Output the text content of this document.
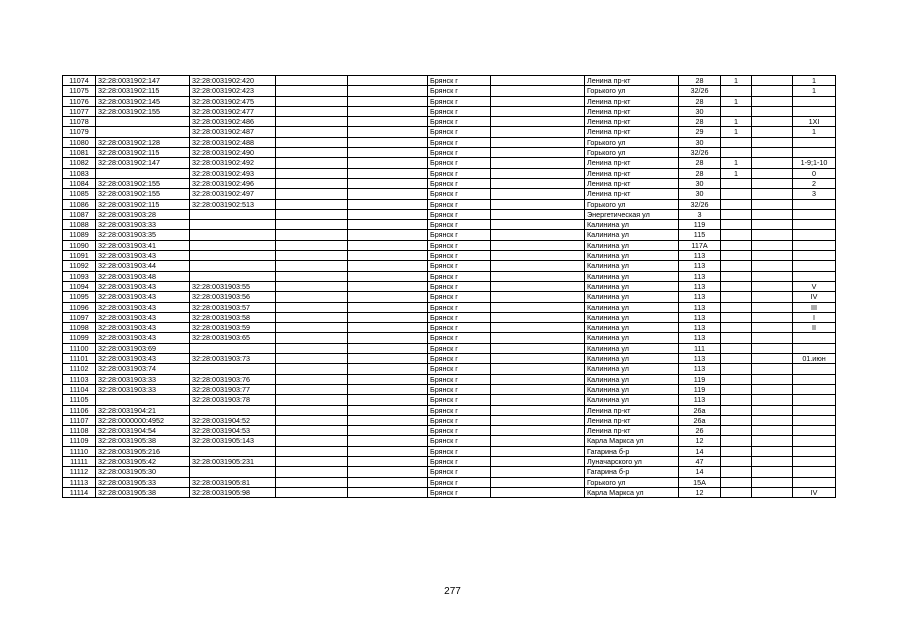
11074	32:28:0031902:147	32:28:0031902:420			Брянск г		Ленина пр-кт	28	1		1
11075	32:28:0031902:115	32:28:0031902:423			Брянск г		Горького ул	32/26			1
11076	32:28:0031902:145	32:28:0031902:475			Брянск г		Ленина пр-кт	28	1		
11077	32:28:0031902:155	32:28:0031902:477			Брянск г		Ленина пр-кт	30			
11078		32:28:0031902:486			Брянск г		Ленина пр-кт	28	1		1XI
11079		32:28:0031902:487			Брянск г		Ленина пр-кт	29	1		1
11080	32:28:0031902:128	32:28:0031902:488			Брянск г		Горького ул	30			
11081	32:28:0031902:115	32:28:0031902:490			Брянск г		Горького ул	32/26			
11082	32:28:0031902:147	32:28:0031902:492			Брянск г		Ленина пр-кт	28	1		1-9;1-10
11083		32:28:0031902:493			Брянск г		Ленина пр-кт	28	1		0
11084	32:28:0031902:155	32:28:0031902:496			Брянск г		Ленина пр-кт	30			2
11085	32:28:0031902:155	32:28:0031902:497			Брянск г		Ленина пр-кт	30			3
11086	32:28:0031902:115	32:28:0031902:513			Брянск г		Горького ул	32/26			
11087	32:28:0031903:28				Брянск г		Энергетическая ул	3			
11088	32:28:0031903:33				Брянск г		Калинина ул	119			
11089	32:28:0031903:35				Брянск г		Калинина ул	115			
11090	32:28:0031903:41				Брянск г		Калинина ул	117А			
11091	32:28:0031903:43				Брянск г		Калинина ул	113			
11092	32:28:0031903:44				Брянск г		Калинина ул	113			
11093	32:28:0031903:48				Брянск г		Калинина ул	113			
11094	32:28:0031903:43	32:28:0031903:55			Брянск г		Калинина ул	113			V
11095	32:28:0031903:43	32:28:0031903:56			Брянск г		Калинина ул	113			IV
11096	32:28:0031903:43	32:28:0031903:57			Брянск г		Калинина ул	113			III
11097	32:28:0031903:43	32:28:0031903:58			Брянск г		Калинина ул	113			I
11098	32:28:0031903:43	32:28:0031903:59			Брянск г		Калинина ул	113			II
11099	32:28:0031903:43	32:28:0031903:65			Брянск г		Калинина ул	113			
11100	32:28:0031903:69				Брянск г		Калинина ул	111			
11101	32:28:0031903:43	32:28:0031903:73			Брянск г		Калинина ул	113			01.июн
11102	32:28:0031903:74				Брянск г		Калинина ул	113			
11103	32:28:0031903:33	32:28:0031903:76			Брянск г		Калинина ул	119			
11104	32:28:0031903:33	32:28:0031903:77			Брянск г		Калинина ул	119			
11105		32:28:0031903:78			Брянск г		Калинина ул	113			
11106	32:28:0031904:21				Брянск г		Ленина пр-кт	26а			
11107	32:28:0000000:4952	32:28:0031904:52			Брянск г		Ленина пр-кт	26а			
11108	32:28:0031904:54	32:28:0031904:53			Брянск г		Ленина пр-кт	26			
11109	32:28:0031905:38	32:28:0031905:143			Брянск г		Карла Маркса ул	12			
11110	32:28:0031905:216				Брянск г		Гагарина б-р	14			
11111	32:28:0031905:42	32:28:0031905:231			Брянск г		Луначарского ул	47			
11112	32:28:0031905:30				Брянск г		Гагарина б-р	14			
11113	32:28:0031905:33	32:28:0031905:81			Брянск г		Горького ул	15А			
11114	32:28:0031905:38	32:28:0031905:98			Брянск г		Карла Маркса ул	12			IV
277
